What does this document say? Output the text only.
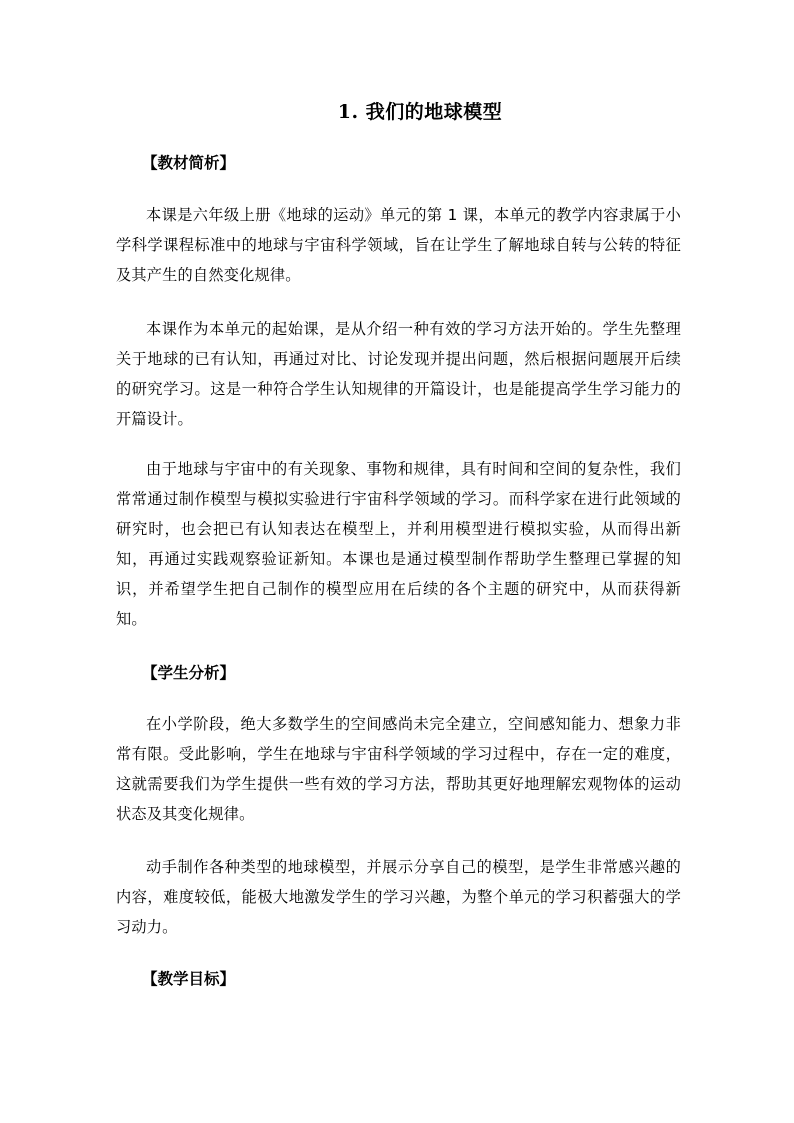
1. 我们的地球模型
【教材简析】
本课是六年级上册《地球的运动》单元的第 1 课，本单元的教学内容隶属于小学科学课程标准中的地球与宇宙科学领域，旨在让学生了解地球自转与公转的特征及其产生的自然变化规律。
本课作为本单元的起始课，是从介绍一种有效的学习方法开始的。学生先整理关于地球的已有认知，再通过对比、讨论发现并提出问题，然后根据问题展开后续的研究学习。这是一种符合学生认知规律的开篇设计，也是能提高学生学习能力的开篇设计。
由于地球与宇宙中的有关现象、事物和规律，具有时间和空间的复杂性，我们常常通过制作模型与模拟实验进行宇宙科学领域的学习。而科学家在进行此领域的研究时，也会把已有认知表达在模型上，并利用模型进行模拟实验，从而得出新知，再通过实践观察验证新知。本课也是通过模型制作帮助学生整理已掌握的知识，并希望学生把自己制作的模型应用在后续的各个主题的研究中，从而获得新知。
【学生分析】
在小学阶段，绝大多数学生的空间感尚未完全建立，空间感知能力、想象力非常有限。受此影响，学生在地球与宇宙科学领域的学习过程中，存在一定的难度，这就需要我们为学生提供一些有效的学习方法，帮助其更好地理解宏观物体的运动状态及其变化规律。
动手制作各种类型的地球模型，并展示分享自己的模型，是学生非常感兴趣的内容，难度较低，能极大地激发学生的学习兴趣，为整个单元的学习积蓄强大的学习动力。
【教学目标】
